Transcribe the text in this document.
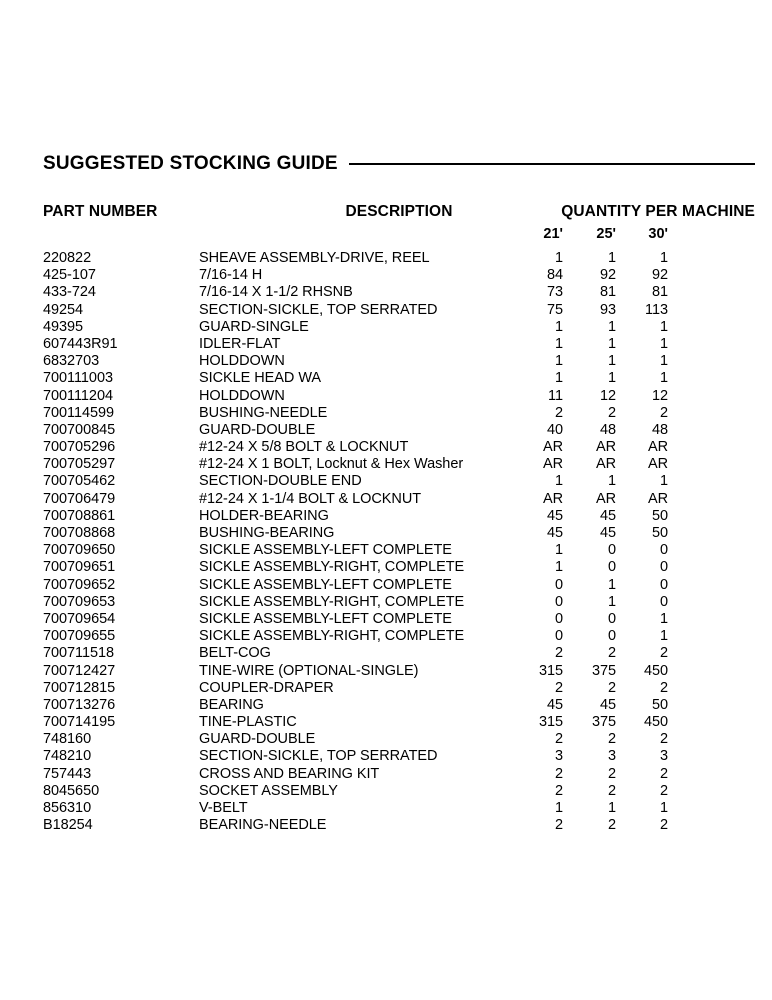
SUGGESTED STOCKING GUIDE
PART NUMBER	DESCRIPTION	QUANTITY PER MACHINE
21'	25'	30'
220822	SHEAVE ASSEMBLY-DRIVE, REEL	1	1	1
425-107	7/16-14 H	84	92	92
433-724	7/16-14 X 1-1/2 RHSNB	73	81	81
49254	SECTION-SICKLE, TOP SERRATED	75	93	113
49395	GUARD-SINGLE	1	1	1
607443R91	IDLER-FLAT	1	1	1
6832703	HOLDDOWN	1	1	1
700111003	SICKLE HEAD WA	1	1	1
700111204	HOLDDOWN	11	12	12
700114599	BUSHING-NEEDLE	2	2	2
700700845	GUARD-DOUBLE	40	48	48
700705296	#12-24 X 5/8 BOLT & LOCKNUT	AR	AR	AR
700705297	#12-24 X 1 BOLT, Locknut & Hex Washer	AR	AR	AR
700705462	SECTION-DOUBLE END	1	1	1
700706479	#12-24 X 1-1/4 BOLT & LOCKNUT	AR	AR	AR
700708861	HOLDER-BEARING	45	45	50
700708868	BUSHING-BEARING	45	45	50
700709650	SICKLE ASSEMBLY-LEFT COMPLETE	1	0	0
700709651	SICKLE ASSEMBLY-RIGHT, COMPLETE	1	0	0
700709652	SICKLE ASSEMBLY-LEFT COMPLETE	0	1	0
700709653	SICKLE ASSEMBLY-RIGHT, COMPLETE	0	1	0
700709654	SICKLE ASSEMBLY-LEFT COMPLETE	0	0	1
700709655	SICKLE ASSEMBLY-RIGHT, COMPLETE	0	0	1
700711518	BELT-COG	2	2	2
700712427	TINE-WIRE (OPTIONAL-SINGLE)	315	375	450
700712815	COUPLER-DRAPER	2	2	2
700713276	BEARING	45	45	50
700714195	TINE-PLASTIC	315	375	450
748160	GUARD-DOUBLE	2	2	2
748210	SECTION-SICKLE, TOP SERRATED	3	3	3
757443	CROSS AND BEARING KIT	2	2	2
8045650	SOCKET ASSEMBLY	2	2	2
856310	V-BELT	1	1	1
B18254	BEARING-NEEDLE	2	2	2
